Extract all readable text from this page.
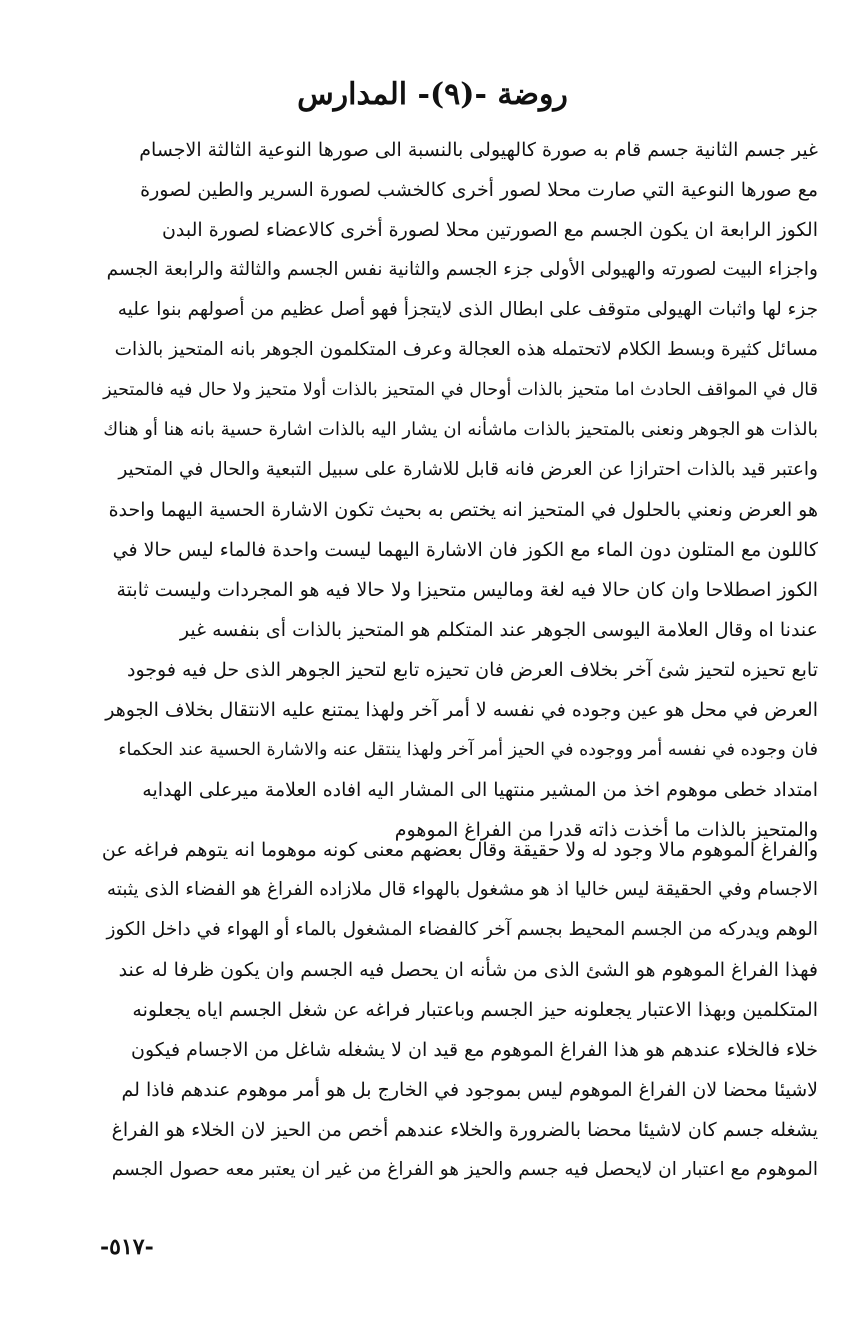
روضة -(٩)- المدارس
غير جسم الثانية جسم قام به صورة كالهيولى بالنسبة الى صورها النوعية الثالثة الاجسام
مع صورها النوعية التي صارت محلا لصور أخرى كالخشب لصورة السرير والطين لصورة
الكوز الرابعة ان يكون الجسم مع الصورتين محلا لصورة أخرى كالاعضاء لصورة البدن
واجزاء البيت لصورته والهيولى الأولى جزء الجسم والثانية نفس الجسم والثالثة والرابعة الجسم
جزء لها واثبات الهيولى متوقف على ابطال الذى لايتجزأ فهو أصل عظيم من أصولهم بنوا عليه
مسائل كثيرة وبسط الكلام لاتحتمله هذه العجالة وعرف المتكلمون الجوهر بانه المتحيز بالذات
قال في المواقف الحادث اما متحيز بالذات أوحال في المتحيز بالذات أولا متحيز ولا حال فيه فالمتحيز
بالذات هو الجوهر ونعنى بالمتحيز بالذات ماشأنه ان يشار اليه بالذات اشارة حسية بانه هنا أو هناك
واعتبر قيد بالذات احترازا عن العرض فانه قابل للاشارة على سبيل التبعية والحال في المتحير
هو العرض ونعني بالحلول في المتحيز انه يختص به بحيث تكون الاشارة الحسية اليهما واحدة
كاللون مع المتلون دون الماء مع الكوز فان الاشارة اليهما ليست واحدة فالماء ليس حالا في
الكوز اصطلاحا وان كان حالا فيه لغة وماليس متحيزا ولا حالا فيه هو المجردات وليست ثابتة
عندنا اه وقال العلامة اليوسى الجوهر عند المتكلم هو المتحيز بالذات أى بنفسه غير
تابع تحيزه لتحيز شئ آخر بخلاف العرض فان تحيزه تابع لتحيز الجوهر الذى حل فيه فوجود
العرض في محل هو عين وجوده في نفسه لا أمر آخر ولهذا يمتنع عليه الانتقال بخلاف الجوهر
فان وجوده في نفسه أمر ووجوده في الحيز أمر آخر ولهذا ينتقل عنه والاشارة الحسية عند الحكماء
امتداد خطى موهوم اخذ من المشير منتهيا الى المشار اليه افاده العلامة ميرعلى الهدايه
والمتحيز بالذات ما أخذت ذاته قدرا من الفراغ الموهوم
والفراغ الموهوم مالا وجود له ولا حقيقة وقال بعضهم معنى كونه موهوما انه يتوهم فراغه عن
الاجسام وفي الحقيقة ليس خاليا اذ هو مشغول بالهواء قال ملازاده الفراغ هو الفضاء الذى يثبته
الوهم ويدركه من الجسم المحيط بجسم آخر كالفضاء المشغول بالماء أو الهواء في داخل الكوز
فهذا الفراغ الموهوم هو الشئ الذى من شأنه ان يحصل فيه الجسم وان يكون ظرفا له عند
المتكلمين وبهذا الاعتبار يجعلونه حيز الجسم وباعتبار فراغه عن شغل الجسم اياه يجعلونه
خلاء فالخلاء عندهم هو هذا الفراغ الموهوم مع قيد ان لا يشغله شاغل من الاجسام فيكون
لاشيئا محضا لان الفراغ الموهوم ليس بموجود في الخارج بل هو أمر موهوم عندهم فاذا لم
يشغله جسم كان لاشيئا محضا بالضرورة والخلاء عندهم أخص من الحيز لان الخلاء هو الفراغ
الموهوم مع اعتبار ان لايحصل فيه جسم والحيز هو الفراغ من غير ان يعتبر معه حصول الجسم
-٥١٧-
